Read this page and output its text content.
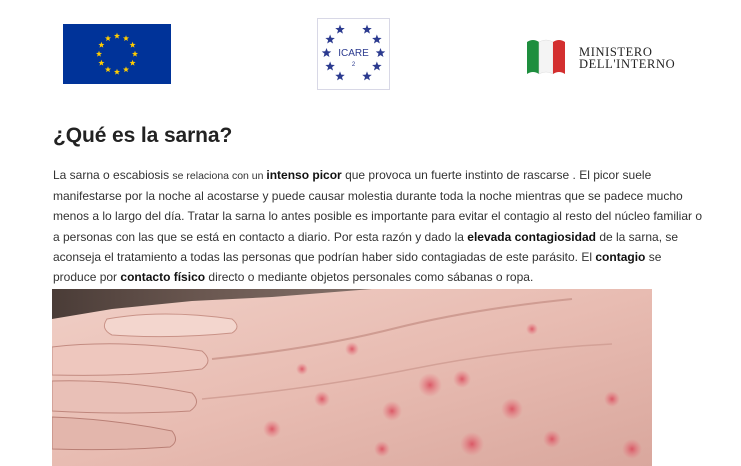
ICARE
2
MINISTERO
DELL'INTERNO
¿Qué es la sarna?

La sarna o escabiosis se relaciona con un intenso picor que provoca un fuerte instinto de rascarse . El picor suele manifestarse por la noche al acostarse y puede causar molestia durante toda la noche mientras que se padece mucho menos a lo largo del día. Tratar la sarna lo antes posible es importante para evitar el contagio al resto del núcleo familiar o a personas con las que se está en contacto a diario. Por esta razón y dado la elevada contagiosidad de la sarna, se aconseja el tratamiento a todas las personas que podrían haber sido contagiadas de este parásito. El contagio se produce por contacto físico directo o mediante objetos personales como sábanas o ropa.
